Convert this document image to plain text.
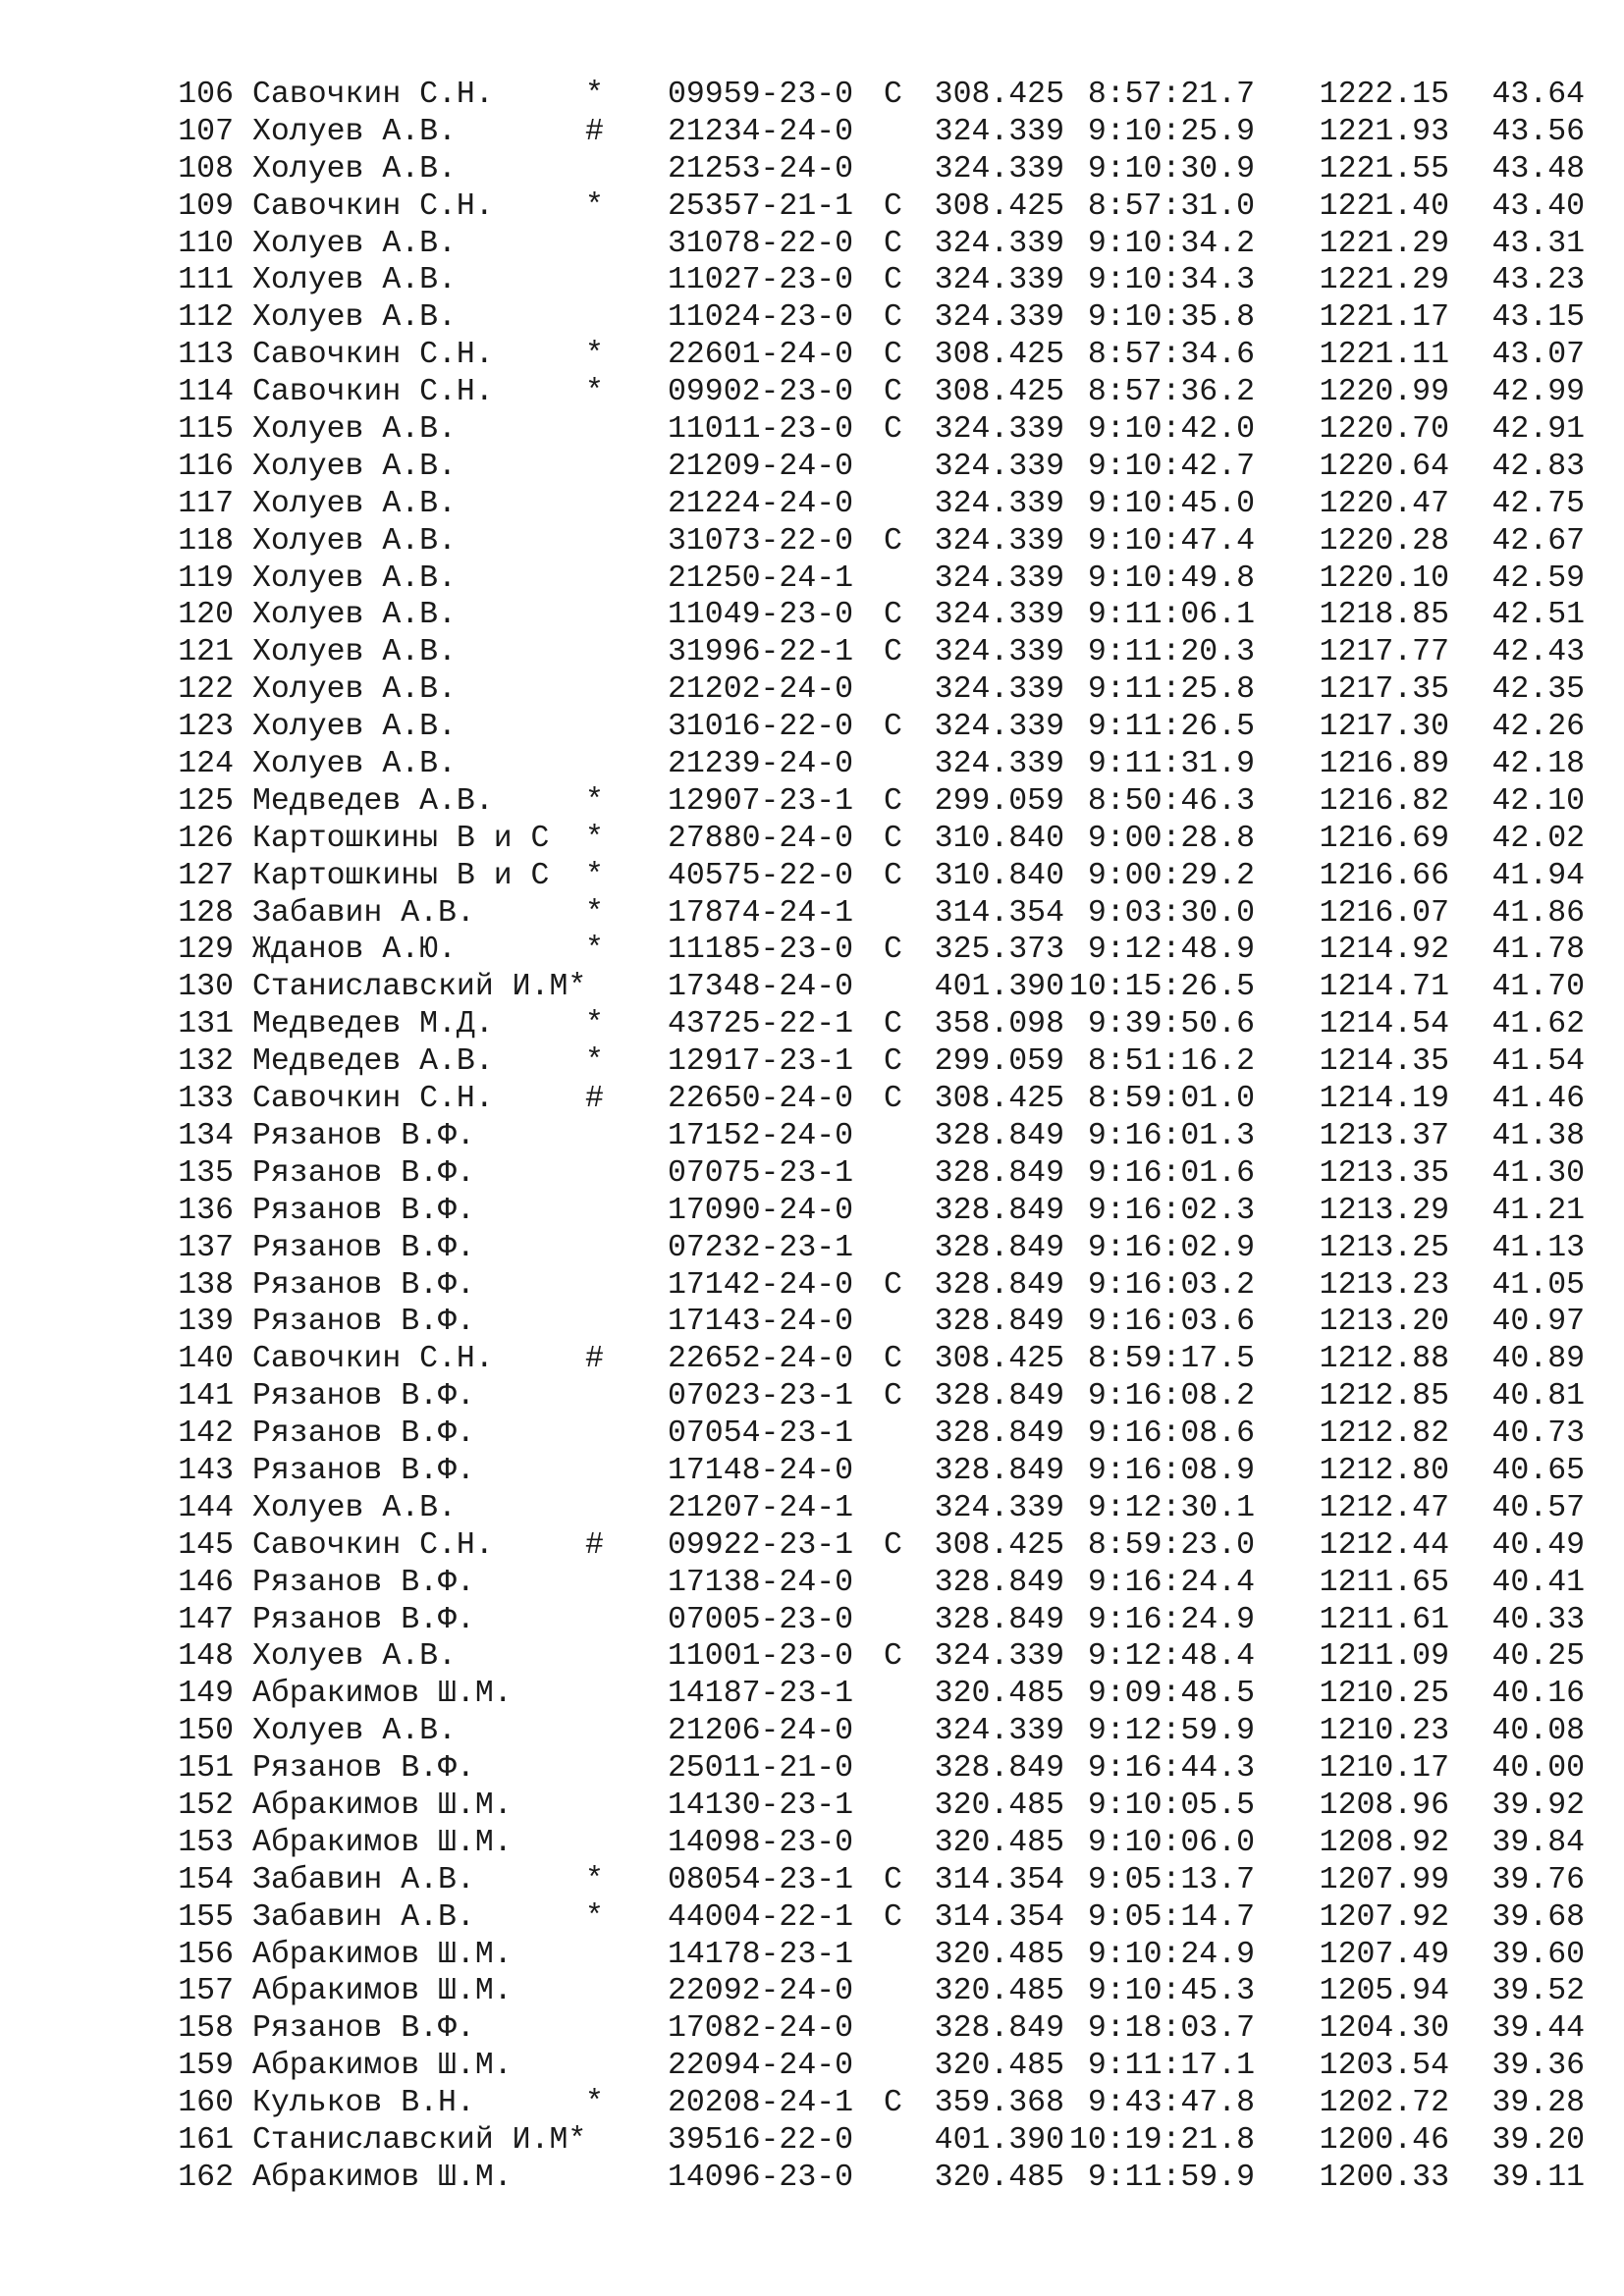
106 Савочкин С.Н.	* 09959-23-0 С 308.425 8:57:21.7 1222.15 43.64
107 Холуев А.В.	# 21234-24-0	324.339 9:10:25.9 1221.93 43.56
108 Холуев А.В.	21253-24-0	324.339 9:10:30.9 1221.55 43.48
109 Савочкин С.Н.	* 25357-21-1 С 308.425 8:57:31.0 1221.40 43.40
110 Холуев А.В.	31078-22-0 С 324.339 9:10:34.2 1221.29 43.31
111 Холуев А.В.	11027-23-0 С 324.339 9:10:34.3 1221.29 43.23
112 Холуев А.В.	11024-23-0 С 324.339 9:10:35.8 1221.17 43.15
113 Савочкин С.Н.	* 22601-24-0 С 308.425 8:57:34.6 1221.11 43.07
114 Савочкин С.Н.	* 09902-23-0 С 308.425 8:57:36.2 1220.99 42.99
115 Холуев А.В.	11011-23-0 С 324.339 9:10:42.0 1220.70 42.91
116 Холуев А.В.	21209-24-0	324.339 9:10:42.7 1220.64 42.83
117 Холуев А.В.	21224-24-0	324.339 9:10:45.0 1220.47 42.75
118 Холуев А.В.	31073-22-0 С 324.339 9:10:47.4 1220.28 42.67
119 Холуев А.В.	21250-24-1	324.339 9:10:49.8 1220.10 42.59
120 Холуев А.В.	11049-23-0 С 324.339 9:11:06.1 1218.85 42.51
121 Холуев А.В.	31996-22-1 С 324.339 9:11:20.3 1217.77 42.43
122 Холуев А.В.	21202-24-0	324.339 9:11:25.8 1217.35 42.35
123 Холуев А.В.	31016-22-0 С 324.339 9:11:26.5 1217.30 42.26
124 Холуев А.В.	21239-24-0	324.339 9:11:31.9 1216.89 42.18
125 Медведев А.В.	* 12907-23-1 С 299.059 8:50:46.3 1216.82 42.10
126 Картошкины В и С * 27880-24-0 С 310.840 9:00:28.8 1216.69 42.02
127 Картошкины В и С * 40575-22-0 С 310.840 9:00:29.2 1216.66 41.94
128 Забавин А.В.	* 17874-24-1	314.354 9:03:30.0 1216.07 41.86
129 Жданов А.Ю.	* 11185-23-0 С 325.373 9:12:48.9 1214.92 41.78
130 Станиславский И.М*	17348-24-0	401.390 10:15:26.5 1214.71 41.70
131 Медведев М.Д.	* 43725-22-1 С 358.098 9:39:50.6 1214.54 41.62
132 Медведев А.В.	* 12917-23-1 С 299.059 8:51:16.2 1214.35 41.54
133 Савочкин С.Н.	# 22650-24-0 С 308.425 8:59:01.0 1214.19 41.46
134 Рязанов В.Ф.	17152-24-0	328.849 9:16:01.3 1213.37 41.38
135 Рязанов В.Ф.	07075-23-1	328.849 9:16:01.6 1213.35 41.30
136 Рязанов В.Ф.	17090-24-0	328.849 9:16:02.3 1213.29 41.21
137 Рязанов В.Ф.	07232-23-1	328.849 9:16:02.9 1213.25 41.13
138 Рязанов В.Ф.	17142-24-0 С 328.849 9:16:03.2 1213.23 41.05
139 Рязанов В.Ф.	17143-24-0	328.849 9:16:03.6 1213.20 40.97
140 Савочкин С.Н.	# 22652-24-0 С 308.425 8:59:17.5 1212.88 40.89
141 Рязанов В.Ф.	07023-23-1 С 328.849 9:16:08.2 1212.85 40.81
142 Рязанов В.Ф.	07054-23-1	328.849 9:16:08.6 1212.82 40.73
143 Рязанов В.Ф.	17148-24-0	328.849 9:16:08.9 1212.80 40.65
144 Холуев А.В.	21207-24-1	324.339 9:12:30.1 1212.47 40.57
145 Савочкин С.Н.	# 09922-23-1 С 308.425 8:59:23.0 1212.44 40.49
146 Рязанов В.Ф.	17138-24-0	328.849 9:16:24.4 1211.65 40.41
147 Рязанов В.Ф.	07005-23-0	328.849 9:16:24.9 1211.61 40.33
148 Холуев А.В.	11001-23-0 С 324.339 9:12:48.4 1211.09 40.25
149 Абракимов Ш.М.	14187-23-1	320.485 9:09:48.5 1210.25 40.16
150 Холуев А.В.	21206-24-0	324.339 9:12:59.9 1210.23 40.08
151 Рязанов В.Ф.	25011-21-0	328.849 9:16:44.3 1210.17 40.00
152 Абракимов Ш.М.	14130-23-1	320.485 9:10:05.5 1208.96 39.92
153 Абракимов Ш.М.	14098-23-0	320.485 9:10:06.0 1208.92 39.84
154 Забавин А.В.	* 08054-23-1 С 314.354 9:05:13.7 1207.99 39.76
155 Забавин А.В.	* 44004-22-1 С 314.354 9:05:14.7 1207.92 39.68
156 Абракимов Ш.М.	14178-23-1	320.485 9:10:24.9 1207.49 39.60
157 Абракимов Ш.М.	22092-24-0	320.485 9:10:45.3 1205.94 39.52
158 Рязанов В.Ф.	17082-24-0	328.849 9:18:03.7 1204.30 39.44
159 Абракимов Ш.М.	22094-24-0	320.485 9:11:17.1 1203.54 39.36
160 Кульков В.Н.	* 20208-24-1 С 359.368 9:43:47.8 1202.72 39.28
161 Станиславский И.М*	39516-22-0	401.390 10:19:21.8 1200.46 39.20
162 Абракимов Ш.М.	14096-23-0	320.485 9:11:59.9 1200.33 39.11
